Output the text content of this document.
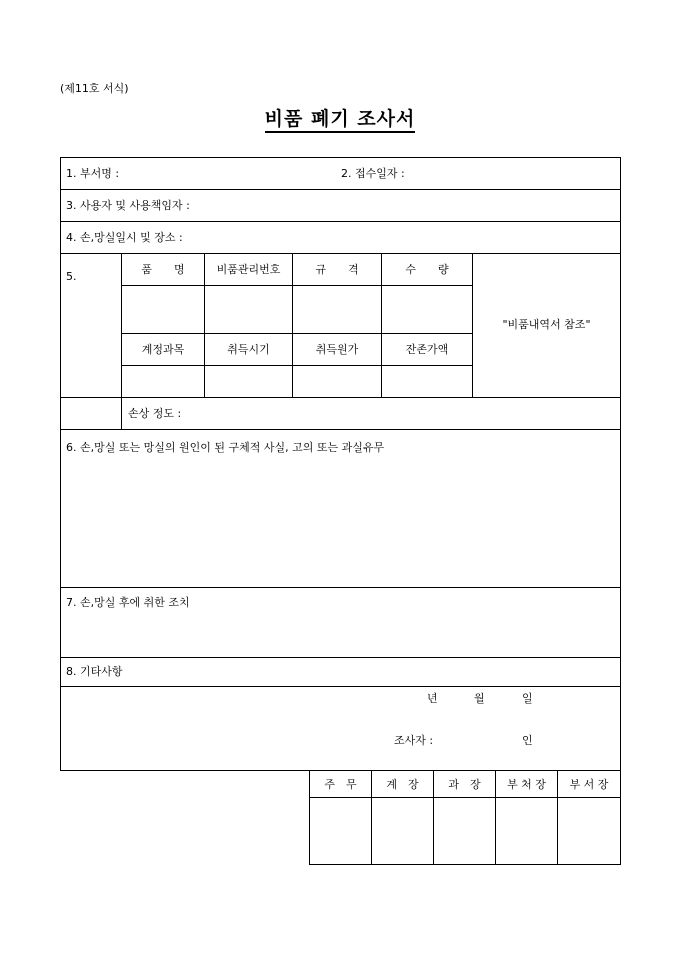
(제11호 서식)
비품 폐기 조사서
1. 부서명 :	2. 접수일자 :
3. 사용자 및 사용책임자 :
4. 손,망실일시 및 장소 :
5.
품　　명	비품관리번호	규　　격	수　　량
계정과목	취득시기	취득원가	잔존가액
"비품내역서 참조"
손상 정도 :
6. 손,망실 또는 망실의 원인이 된 구체적 사실, 고의 또는 과실유무
7. 손,망실 후에 취한 조치
8. 기타사항
년	월	일
조사자 :	인
주　무	계　장	과　장	부 처 장	부 서 장
